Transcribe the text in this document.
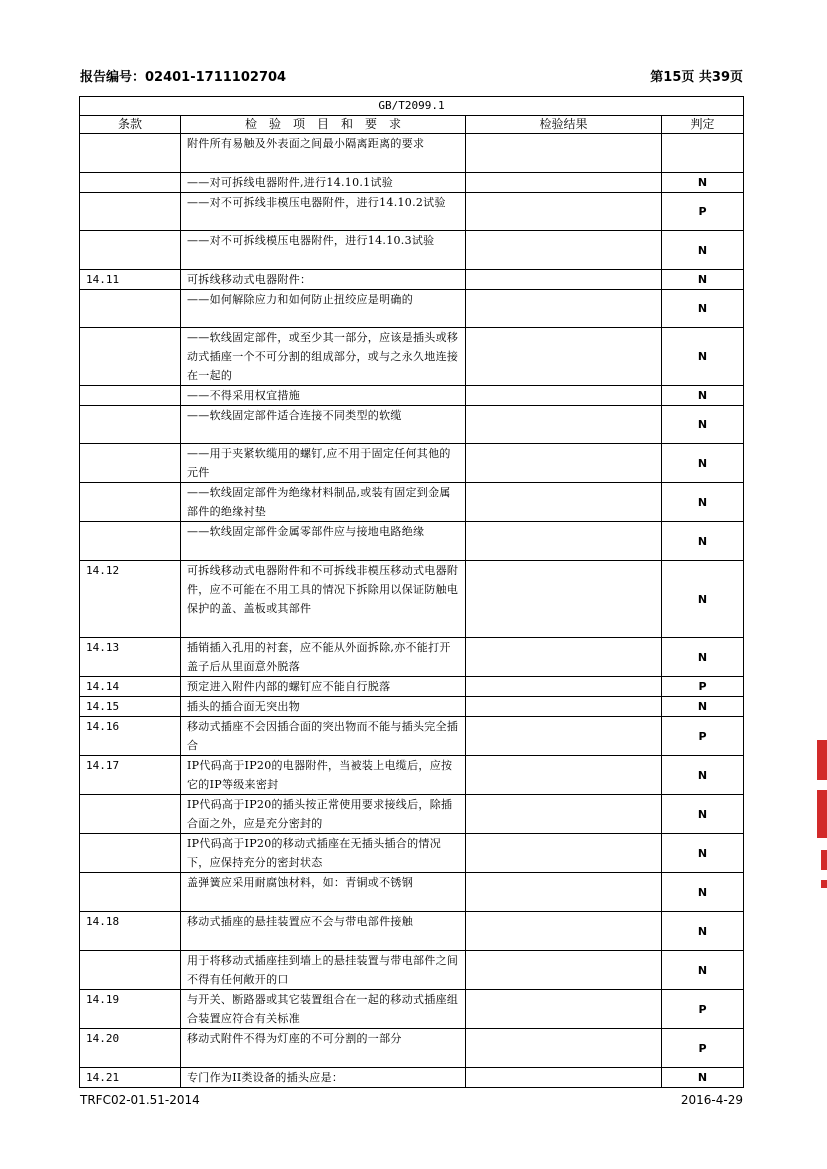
报告编号：02401-1711102704	第15页 共39页
GB/T2099.1			
条款	检　验　项　目　和　要　求	检验结果	判定
	附件所有易触及外表面之间最小隔离距离的要求		
	——对可拆线电器附件,进行14.10.1试验		N
	——对不可拆线非模压电器附件，进行14.10.2试验		P
	——对不可拆线模压电器附件，进行14.10.3试验		N
14.11	可拆线移动式电器附件：		N
	——如何解除应力和如何防止扭绞应是明确的		N
	——软线固定部件，或至少其一部分，应该是插头或移动式插座一个不可分割的组成部分，或与之永久地连接在一起的		N
	——不得采用权宜措施		N
	——软线固定部件适合连接不同类型的软缆		N
	——用于夹紧软缆用的螺钉,应不用于固定任何其他的元件		N
	——软线固定部件为绝缘材料制品,或装有固定到金属部件的绝缘衬垫		N
	——软线固定部件金属零部件应与接地电路绝缘		N
14.12	可拆线移动式电器附件和不可拆线非模压移动式电器附件，应不可能在不用工具的情况下拆除用以保证防触电保护的盖、盖板或其部件		N
14.13	插销插入孔用的衬套，应不能从外面拆除,亦不能打开盖子后从里面意外脱落		N
14.14	预定进入附件内部的螺钉应不能自行脱落		P
14.15	插头的插合面无突出物		N
14.16	移动式插座不会因插合面的突出物而不能与插头完全插合		P
14.17	IP代码高于IP20的电器附件，当被装上电缆后，应按它的IP等级来密封		N
	IP代码高于IP20的插头按正常使用要求接线后，除插合面之外，应是充分密封的		N
	IP代码高于IP20的移动式插座在无插头插合的情况下，应保持充分的密封状态		N
	盖弹簧应采用耐腐蚀材料，如：青铜或不锈钢		N
14.18	移动式插座的悬挂装置应不会与带电部件接触		N
	用于将移动式插座挂到墙上的悬挂装置与带电部件之间不得有任何敞开的口		N
14.19	与开关、断路器或其它装置组合在一起的移动式插座组合装置应符合有关标准		P
14.20	移动式附件不得为灯座的不可分割的一部分		P
14.21	专门作为II类设备的插头应是：		N
TRFC02-01.51-2014	2016-4-29
